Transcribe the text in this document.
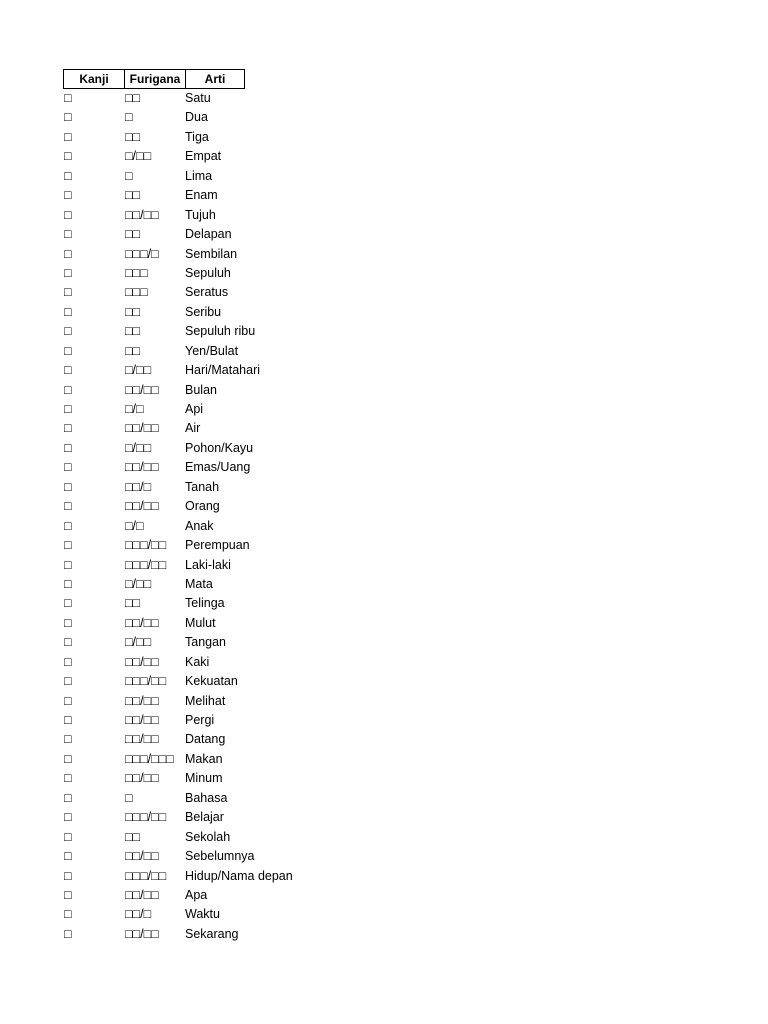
Kanji	Furigana	Arti
□	□□	Satu
□	□	Dua
□	□□	Tiga
□	□/□□	Empat
□	□	Lima
□	□□	Enam
□	□□/□□ Tujuh
□	□□	Delapan
□	□□□/□ Sembilan
□	□□□	Sepuluh
□	□□□	Seratus
□	□□	Seribu
□	□□	Sepuluh ribu
□	□□	Yen/Bulat
□	□/□□	Hari/Matahari
□	□□/□□ Bulan
□	□/□	Api
□	□□/□□ Air
□	□/□□	Pohon/Kayu
□	□□/□□ Emas/Uang
□	□□/□	Tanah
□	□□/□□ Orang
□	□/□	Anak
□	□□□/□□ Perempuan
□	□□□/□□ Laki-laki
□	□/□□	Mata
□	□□	Telinga
□	□□/□□ Mulut
□	□/□□	Tangan
□	□□/□□ Kaki
□	□□□/□□ Kekuatan
□	□□/□□ Melihat
□	□□/□□ Pergi
□	□□/□□ Datang
□	□□□/□□□ Makan
□	□□/□□ Minum
□	□	Bahasa
□	□□□/□□ Belajar
□	□□	Sekolah
□	□□/□□ Sebelumnya
□	□□□/□□ Hidup/Nama depan
□	□□/□□ Apa
□	□□/□	Waktu
□	□□/□□ Sekarang
